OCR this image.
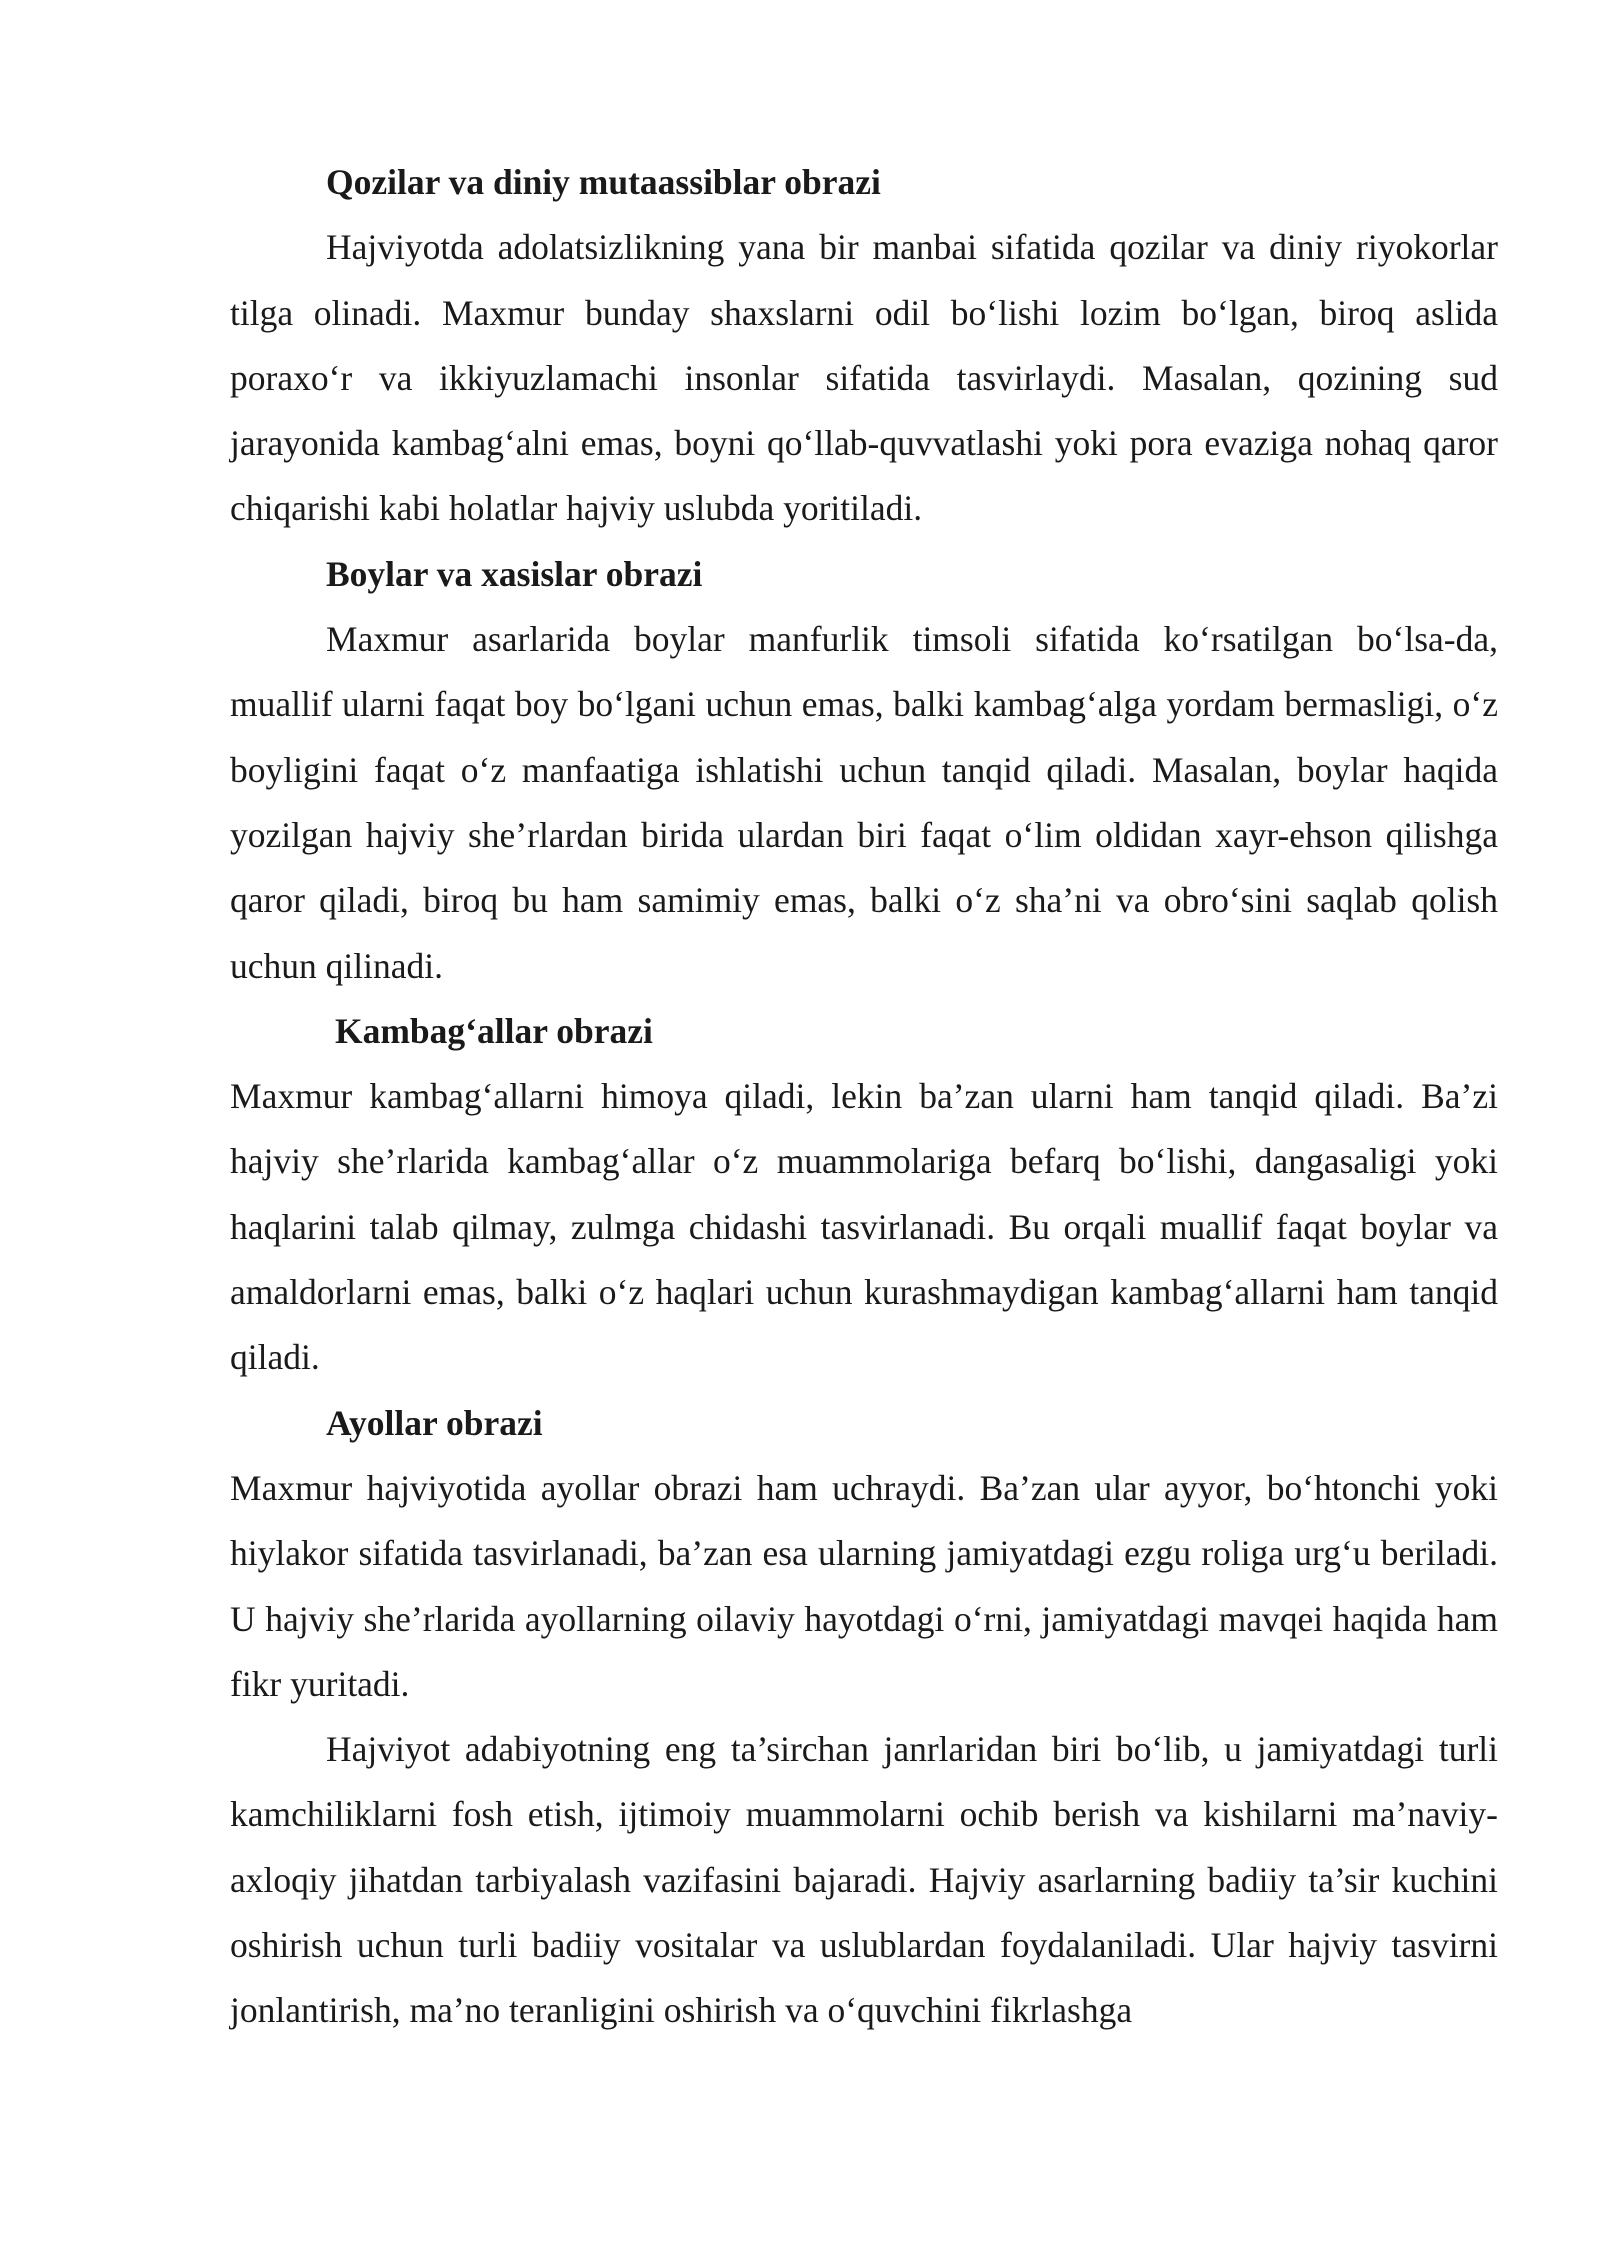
Qozilar va diniy mutaassiblar obrazi

Hajviyotda adolatsizlikning yana bir manbai sifatida qozilar va diniy riyokorlar tilga olinadi. Maxmur bunday shaxslarni odil bo‘lishi lozim bo‘lgan, biroq aslida poraxo‘r va ikkiyuzlamachi insonlar sifatida tasvirlaydi. Masalan, qozining sud jarayonida kambag‘alni emas, boyni qo‘llab-quvvatlashi yoki pora evaziga nohaq qaror chiqarishi kabi holatlar hajviy uslubda yoritiladi.

Boylar va xasislar obrazi

Maxmur asarlarida boylar manfurlik timsoli sifatida ko‘rsatilgan bo‘lsa-da, muallif ularni faqat boy bo‘lgani uchun emas, balki kambag‘alga yordam bermasligi, o‘z boyligini faqat o‘z manfaatiga ishlatishi uchun tanqid qiladi. Masalan, boylar haqida yozilgan hajviy she’rlardan birida ulardan biri faqat o‘lim oldidan xayr-ehson qilishga qaror qiladi, biroq bu ham samimiy emas, balki o‘z sha’ni va obro‘sini saqlab qolish uchun qilinadi.

Kambag‘allar obrazi

Maxmur kambag‘allarni himoya qiladi, lekin ba’zan ularni ham tanqid qiladi. Ba’zi hajviy she’rlarida kambag‘allar o‘z muammolariga befarq bo‘lishi, dangasaligi yoki haqlarini talab qilmay, zulmga chidashi tasvirlanadi. Bu orqali muallif faqat boylar va amaldorlarni emas, balki o‘z haqlari uchun kurashmaydigan kambag‘allarni ham tanqid qiladi.

Ayollar obrazi

Maxmur hajviyotida ayollar obrazi ham uchraydi. Ba’zan ular ayyor, bo‘htonchi yoki hiylakor sifatida tasvirlanadi, ba’zan esa ularning jamiyatdagi ezgu roliga urg‘u beriladi. U hajviy she’rlarida ayollarning oilaviy hayotdagi o‘rni, jamiyatdagi mavqei haqida ham fikr yuritadi.

Hajviyot adabiyotning eng ta’sirchan janrlaridan biri bo‘lib, u jamiyatdagi turli kamchiliklarni fosh etish, ijtimoiy muammolarni ochib berish va kishilarni ma’naviy-axloqiy jihatdan tarbiyalash vazifasini bajaradi. Hajviy asarlarning badiiy ta’sir kuchini oshirish uchun turli badiiy vositalar va uslublardan foydalaniladi. Ular hajviy tasvirni jonlantirish, ma’no teranligini oshirish va o‘quvchini fikrlashga
